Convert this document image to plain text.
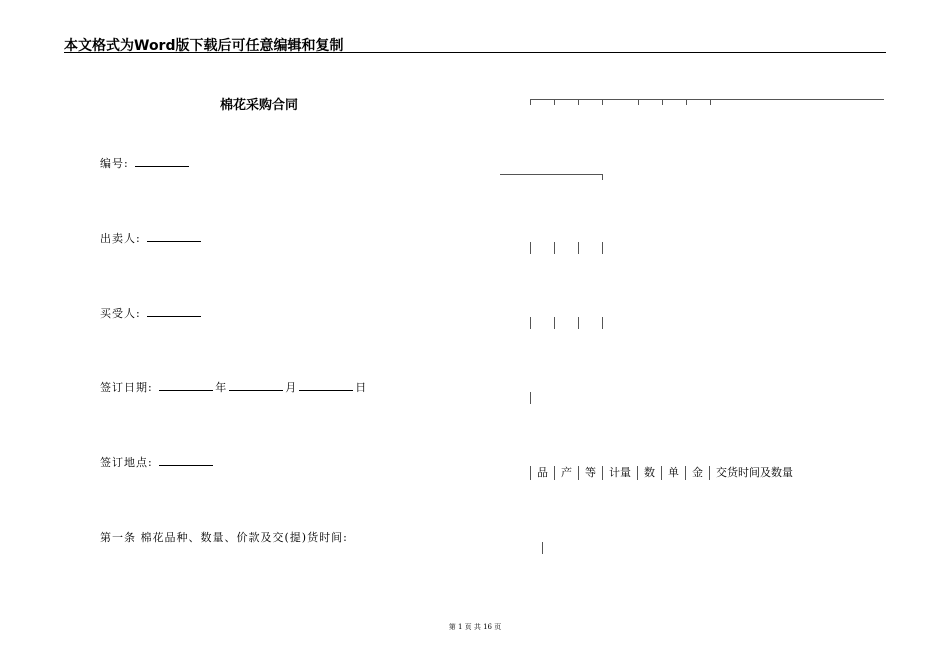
本文格式为Word版下载后可任意编辑和复制
棉花采购合同
编号:
出卖人:
买受人:
签订日期:	年	月	日
签订地点:
第一条 棉花品种、数量、价款及交(提)货时间:
品	产	等	计量	数	单	金	交货时间及数量
第 1 页 共 16 页
